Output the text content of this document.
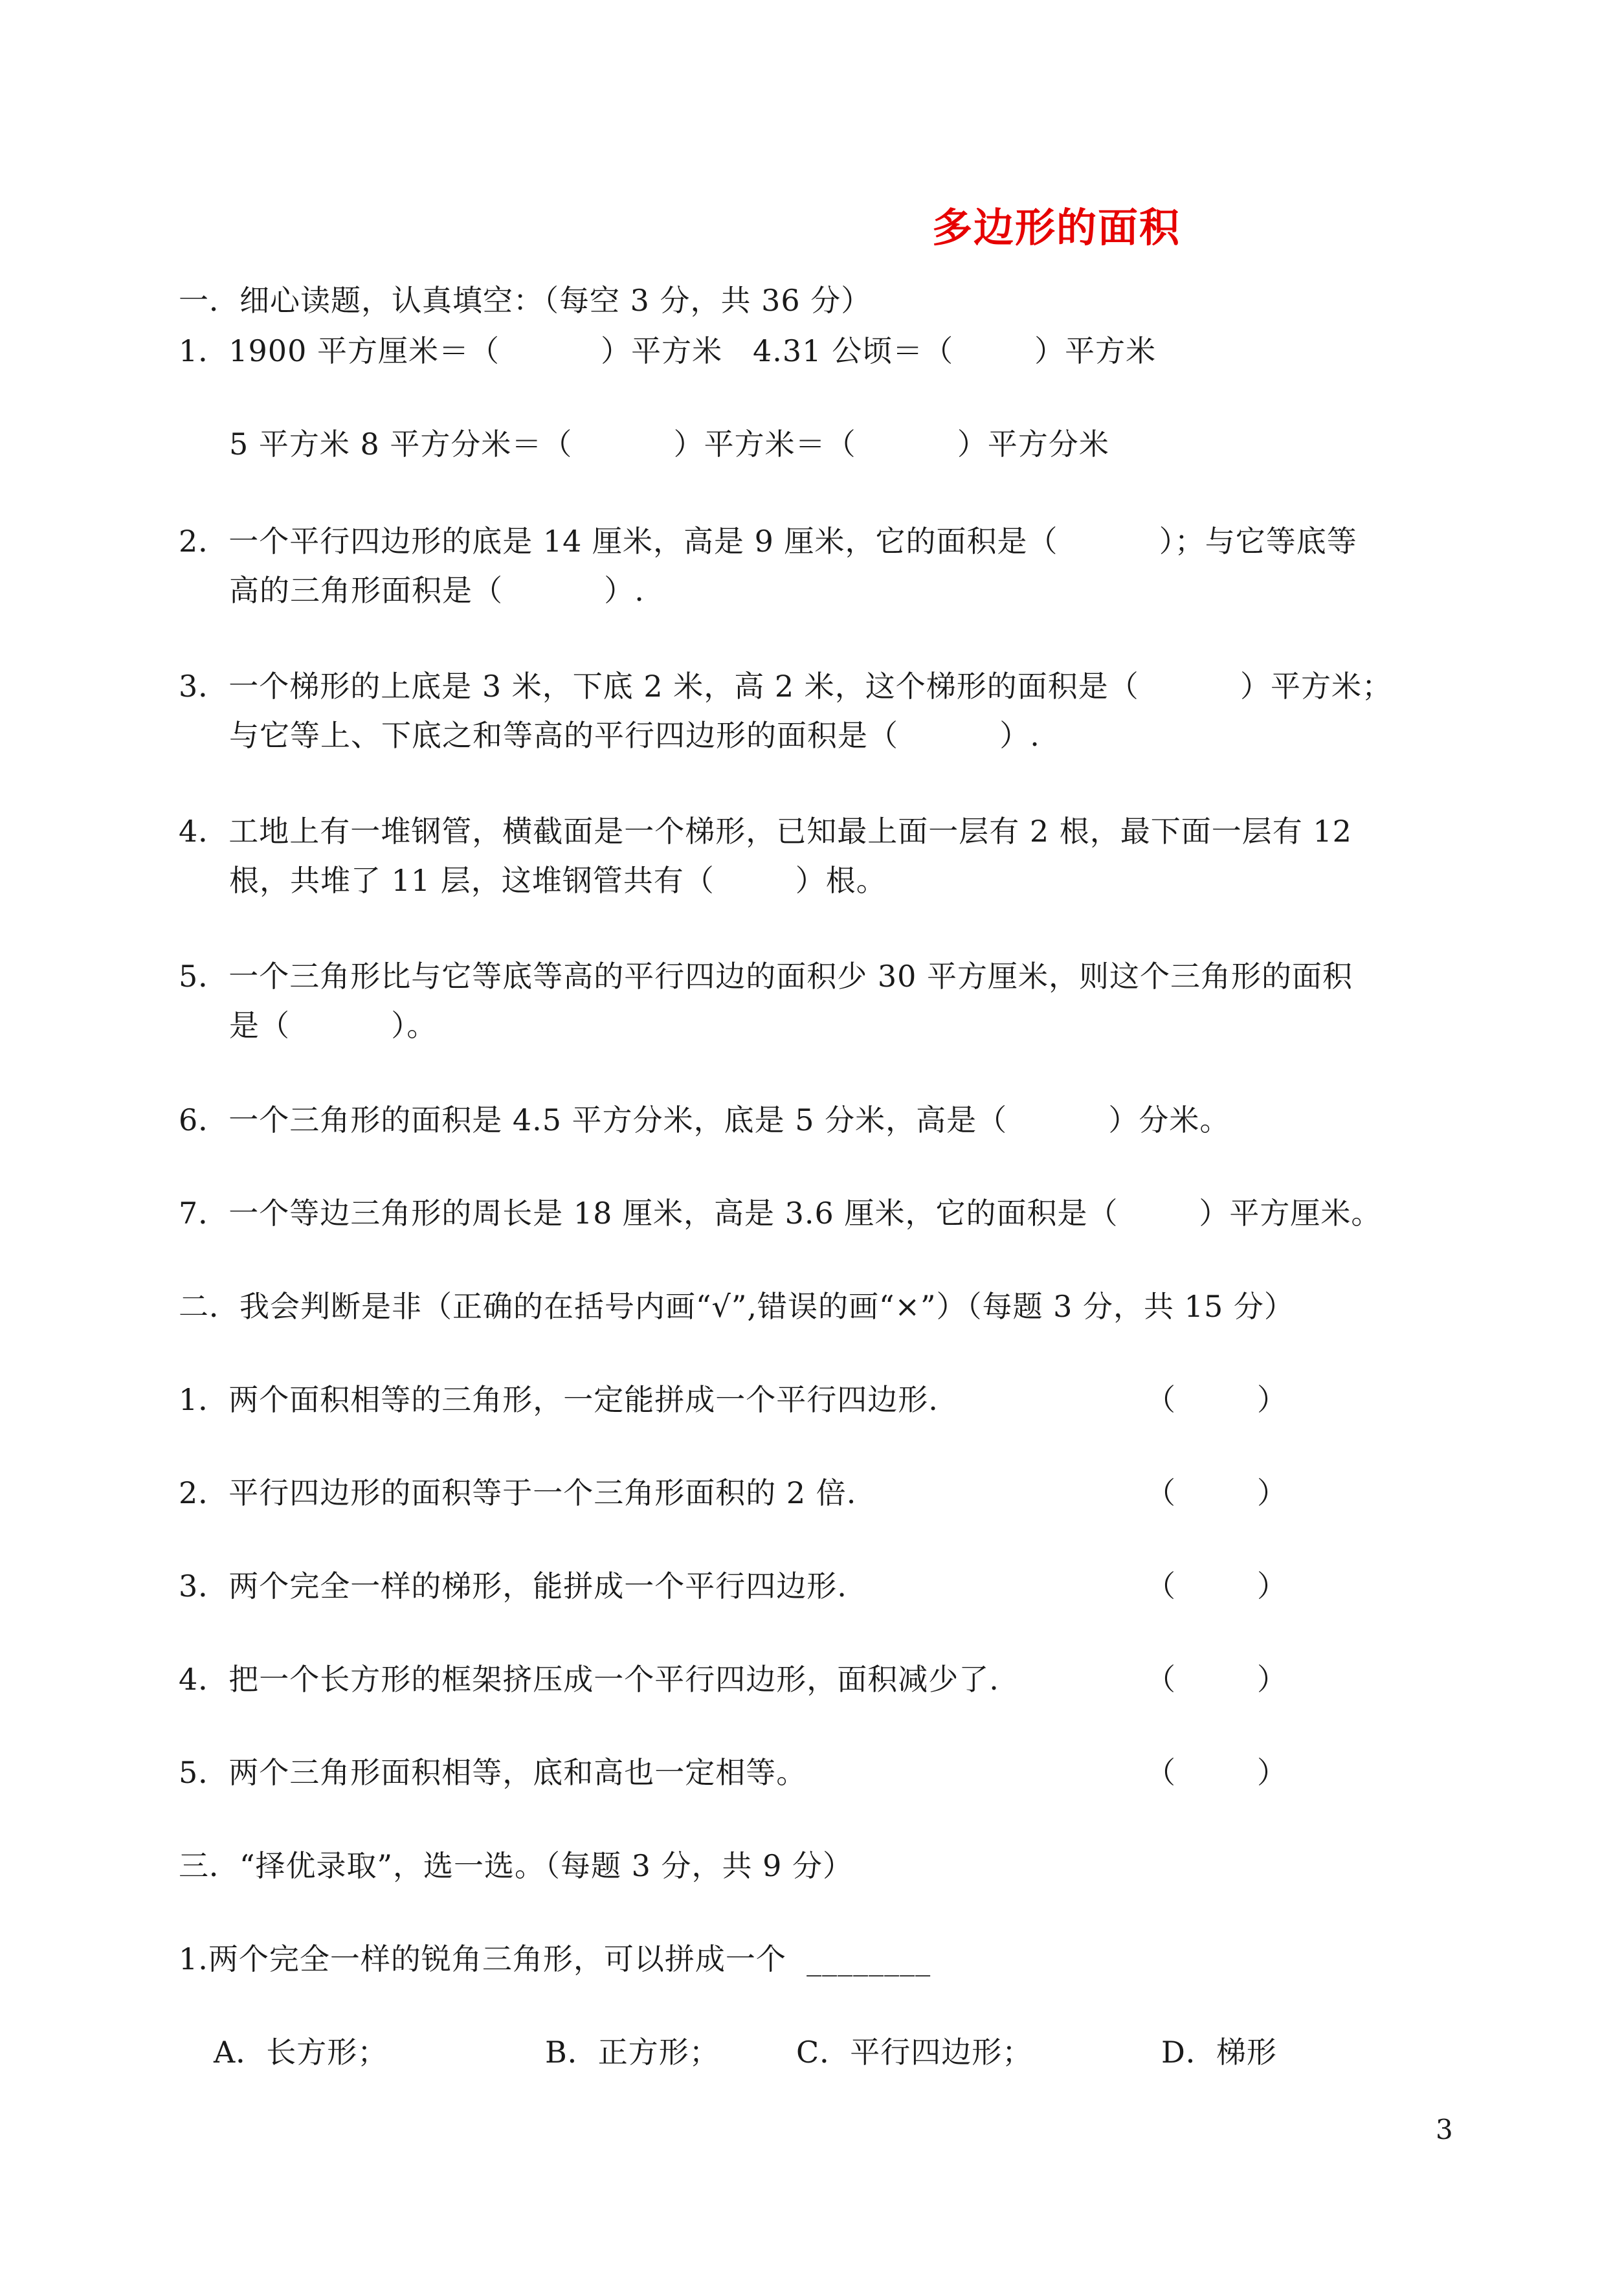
多边形的面积
一．细心读题，认真填空：（每空 3 分，共 36 分）
1．1900 平方厘米＝（          ）平方米   4.31 公顷＝（        ）平方米
5 平方米 8 平方分米＝（          ）平方米＝（          ）平方分米
2．一个平行四边形的底是 14 厘米，高是 9 厘米，它的面积是（          ）；与它等底等
高的三角形面积是（          ）.
3．一个梯形的上底是 3 米，下底 2 米，高 2 米，这个梯形的面积是（          ）平方米；
与它等上、下底之和等高的平行四边形的面积是（          ）.
4．工地上有一堆钢管，横截面是一个梯形，已知最上面一层有 2 根，最下面一层有 12
根，共堆了 11 层，这堆钢管共有（        ）根。
5．一个三角形比与它等底等高的平行四边的面积少 30 平方厘米，则这个三角形的面积
是（          ）。
6．一个三角形的面积是 4.5 平方分米，底是 5 分米，高是（          ）分米。
7．一个等边三角形的周长是 18 厘米，高是 3.6 厘米，它的面积是（        ）平方厘米。
二．我会判断是非（正确的在括号内画“√”,错误的画“×”）（每题 3 分，共 15 分）
1．两个面积相等的三角形，一定能拼成一个平行四边形.	（        ）
2．平行四边形的面积等于一个三角形面积的 2 倍.	（        ）
3．两个完全一样的梯形，能拼成一个平行四边形.	（        ）
4．把一个长方形的框架挤压成一个平行四边形，面积减少了.	（        ）
5．两个三角形面积相等，底和高也一定相等。	（        ）
三．“择优录取”，选一选。（每题 3 分，共 9 分）
1.两个完全一样的锐角三角形，可以拼成一个  ________
A．长方形；	B．正方形；	C．平行四边形；	D．梯形
3
